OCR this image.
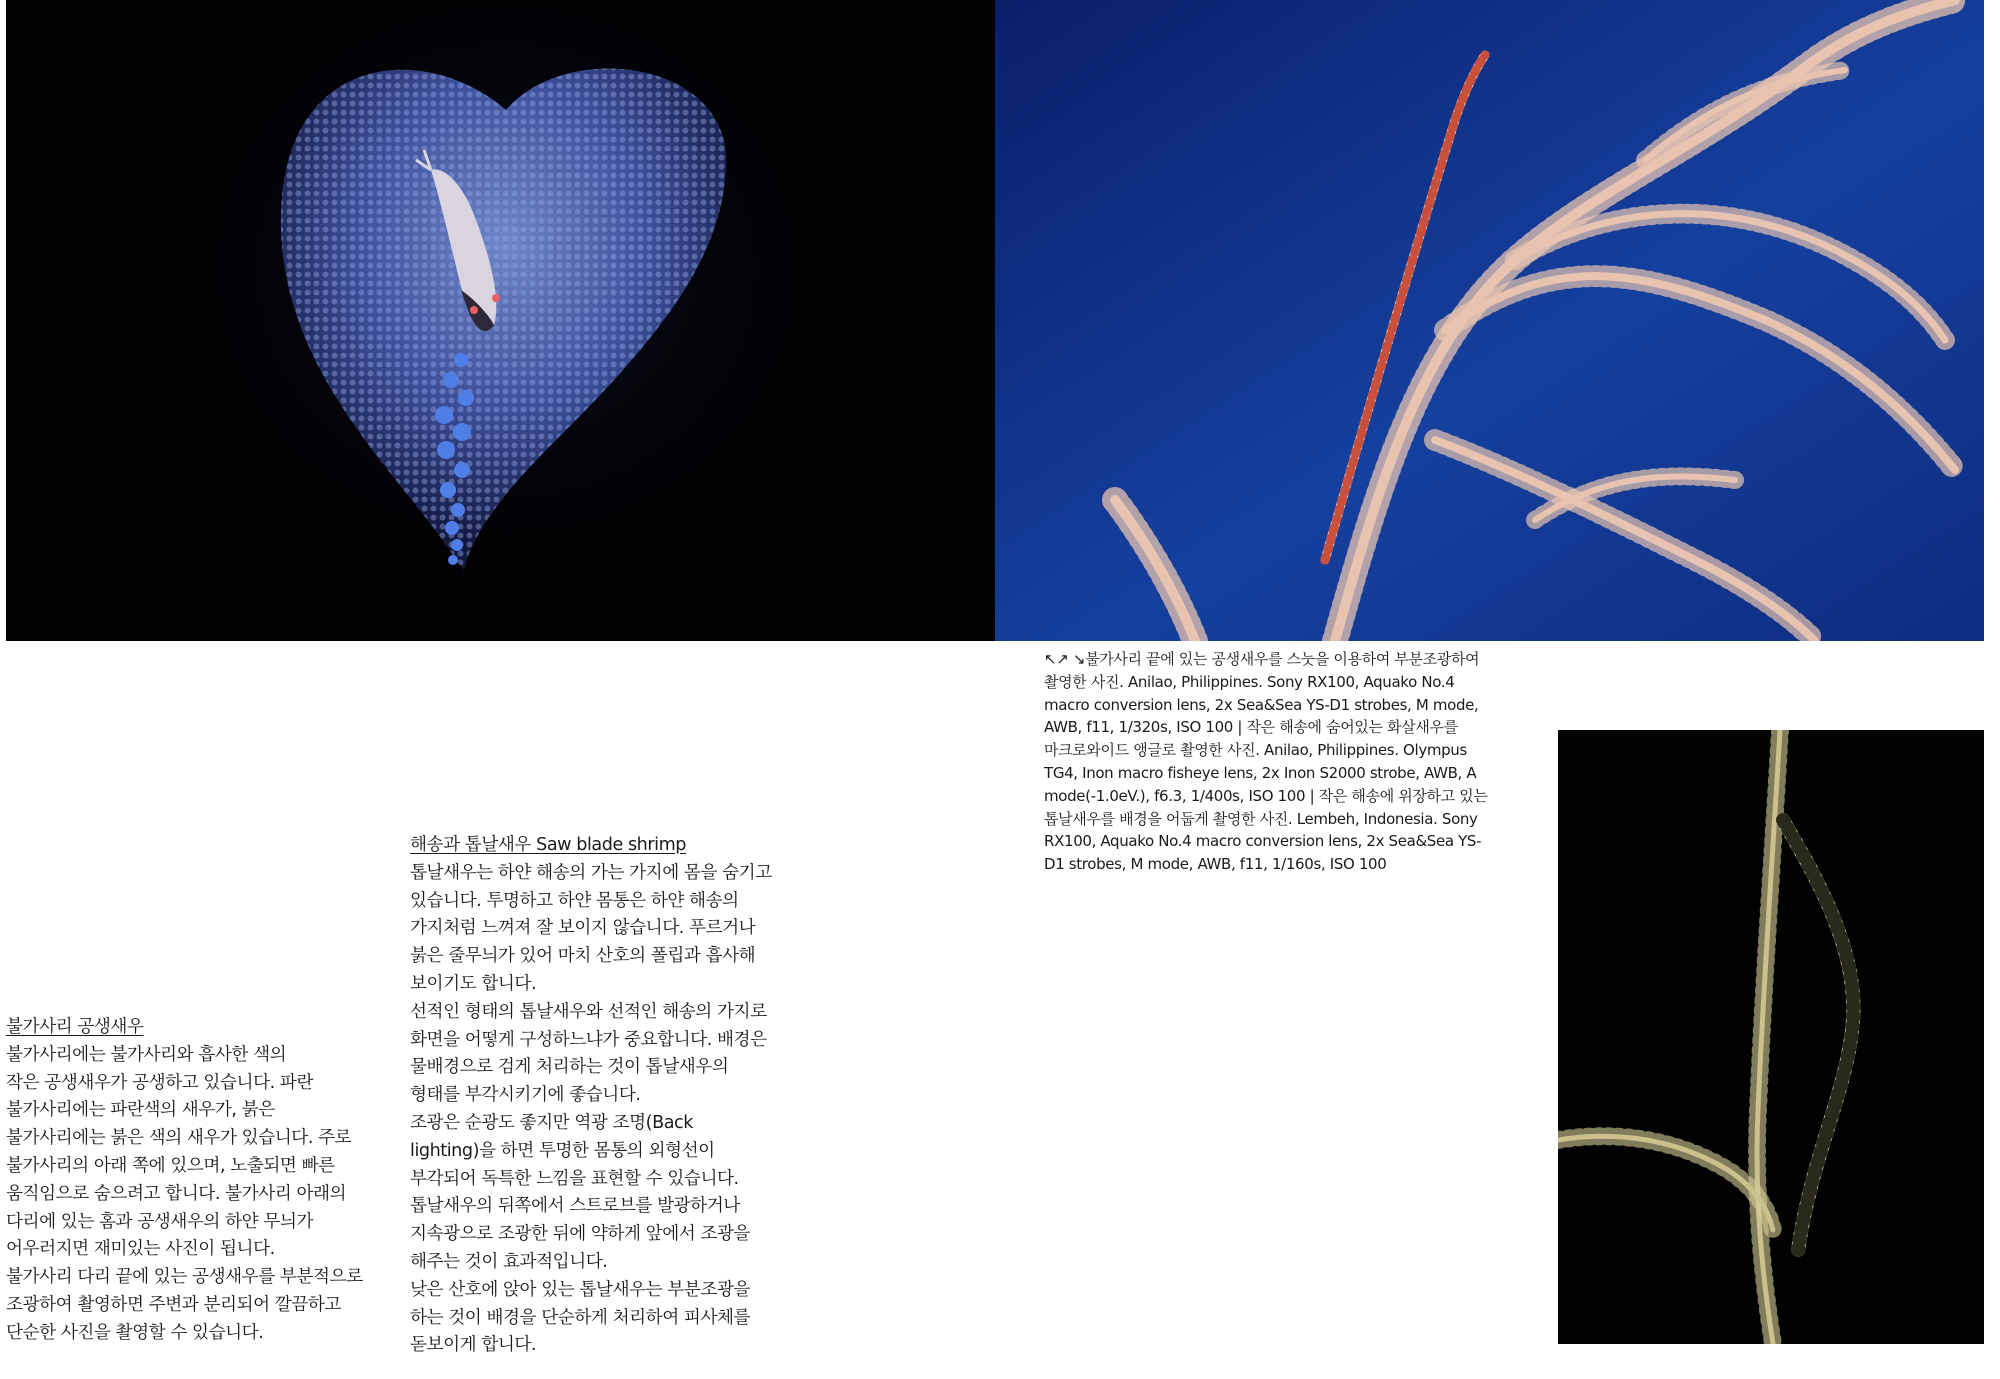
↖↗ ↘불가사리 끝에 있는 공생새우를 스눗을 이용하여 부분조광하여
촬영한 사진. Anilao, Philippines. Sony RX100, Aquako No.4
macro conversion lens, 2x Sea&Sea YS-D1 strobes, M mode,
AWB, f11, 1/320s, ISO 100 | 작은 해송에 숨어있는 화살새우를
마크로와이드 앵글로 촬영한 사진. Anilao, Philippines. Olympus
TG4, Inon macro fisheye lens, 2x Inon S2000 strobe, AWB, A
mode(-1.0eV.), f6.3, 1/400s, ISO 100 | 작은 해송에 위장하고 있는
톱날새우를 배경을 어둡게 촬영한 사진. Lembeh, Indonesia. Sony
RX100, Aquako No.4 macro conversion lens, 2x Sea&Sea YS-
D1 strobes, M mode, AWB, f11, 1/160s, ISO 100
해송과 톱날새우 Saw blade shrimp
톱날새우는 하얀 해송의 가는 가지에 몸을 숨기고
있습니다. 투명하고 하얀 몸통은 하얀 해송의
가지처럼 느껴져 잘 보이지 않습니다. 푸르거나
붉은 줄무늬가 있어 마치 산호의 폴립과 흡사해
보이기도 합니다.
선적인 형태의 톱날새우와 선적인 해송의 가지로
화면을 어떻게 구성하느냐가 중요합니다. 배경은
물배경으로 검게 처리하는 것이 톱날새우의
형태를 부각시키기에 좋습니다.
조광은 순광도 좋지만 역광 조명(Back
lighting)을 하면 투명한 몸통의 외형선이
부각되어 독특한 느낌을 표현할 수 있습니다.
톱날새우의 뒤쪽에서 스트로브를 발광하거나
지속광으로 조광한 뒤에 약하게 앞에서 조광을
해주는 것이 효과적입니다.
낮은 산호에 앉아 있는 톱날새우는 부분조광을
하는 것이 배경을 단순하게 처리하여 피사체를
돋보이게 합니다.
불가사리 공생새우
불가사리에는 불가사리와 흡사한 색의
작은 공생새우가 공생하고 있습니다. 파란
불가사리에는 파란색의 새우가, 붉은
불가사리에는 붉은 색의 새우가 있습니다. 주로
불가사리의 아래 쪽에 있으며, 노출되면 빠른
움직임으로 숨으려고 합니다. 불가사리 아래의
다리에 있는 홈과 공생새우의 하얀 무늬가
어우러지면 재미있는 사진이 됩니다.
불가사리 다리 끝에 있는 공생새우를 부분적으로
조광하여 촬영하면 주변과 분리되어 깔끔하고
단순한 사진을 촬영할 수 있습니다.
